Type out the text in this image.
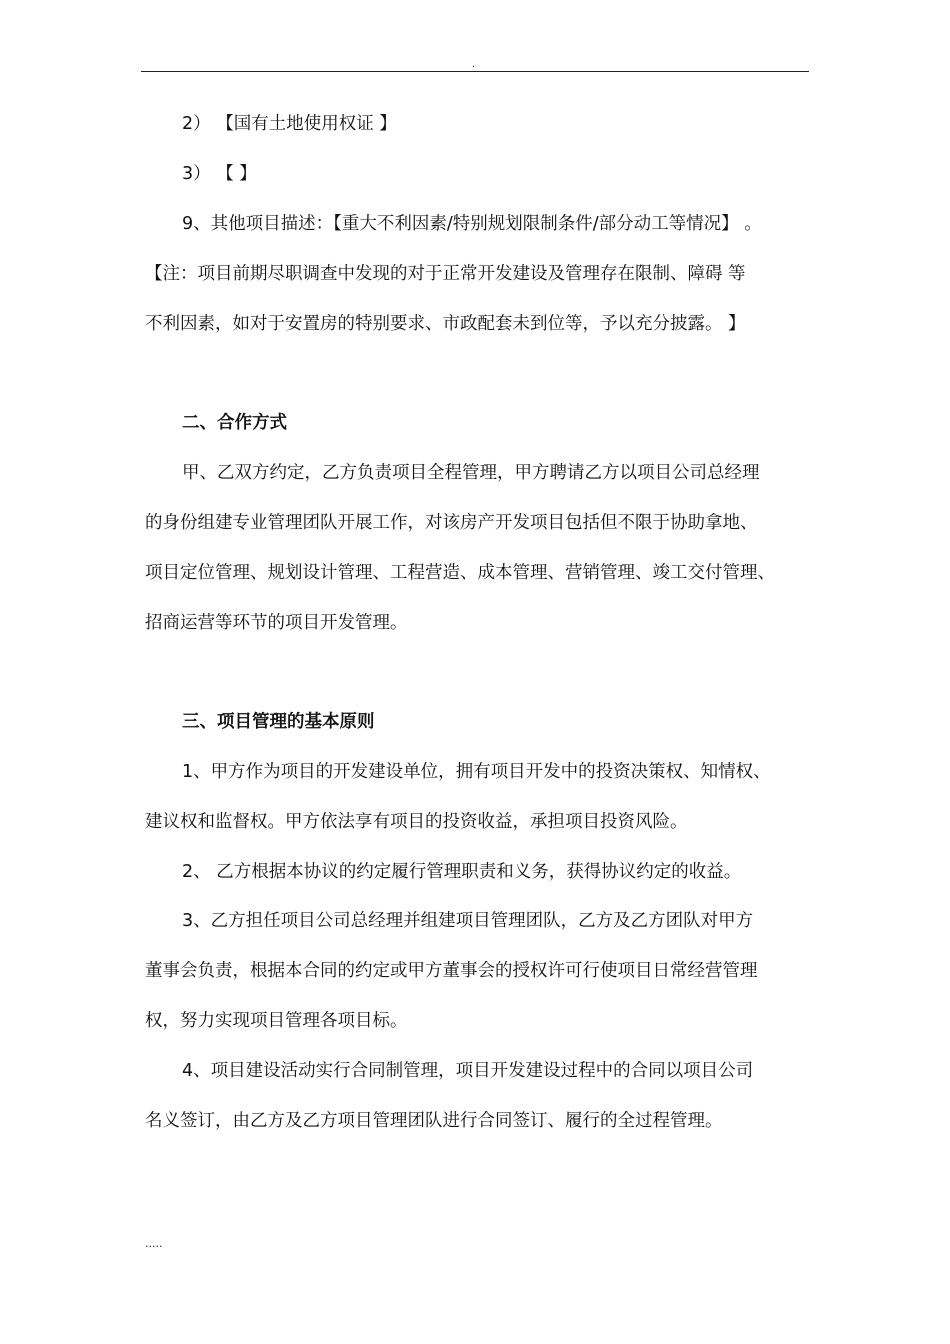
.
2） 【国有土地使用权证 】
3） 【 】
9、其他项目描述：【重大不利因素/特别规划限制条件/部分动工等情况】 。
【注：项目前期尽职调查中发现的对于正常开发建设及管理存在限制、障碍 等
不利因素，如对于安置房的特别要求、市政配套未到位等，予以充分披露。 】
二、合作方式
甲、乙双方约定，乙方负责项目全程管理，甲方聘请乙方以项目公司总经理
的身份组建专业管理团队开展工作，对该房产开发项目包括但不限于协助拿地、
项目定位管理、规划设计管理、工程营造、成本管理、营销管理、竣工交付管理、
招商运营等环节的项目开发管理。
三、项目管理的基本原则
1、甲方作为项目的开发建设单位，拥有项目开发中的投资决策权、知情权、
建议权和监督权。甲方依法享有项目的投资收益，承担项目投资风险。
2、 乙方根据本协议的约定履行管理职责和义务，获得协议约定的收益。
3、乙方担任项目公司总经理并组建项目管理团队，乙方及乙方团队对甲方
董事会负责，根据本合同的约定或甲方董事会的授权许可行使项目日常经营管理
权，努力实现项目管理各项目标。
4、项目建设活动实行合同制管理，项目开发建设过程中的合同以项目公司
名义签订，由乙方及乙方项目管理团队进行合同签订、履行的全过程管理。
.....
